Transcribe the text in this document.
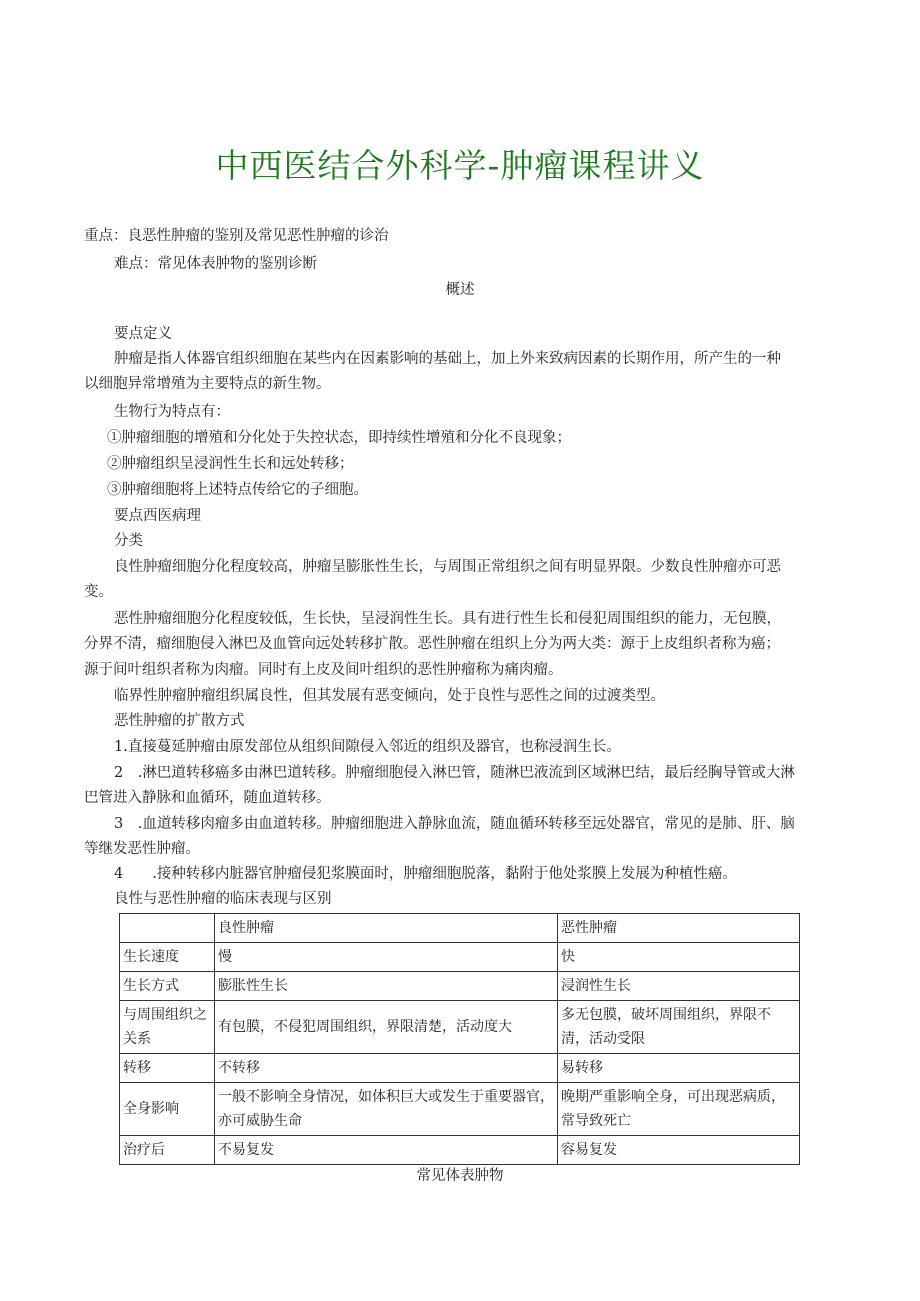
中西医结合外科学-肿瘤课程讲义
重点：良恶性肿瘤的鉴别及常见恶性肿瘤的诊治
难点：常见体表肿物的鉴别诊断
概述
要点定义
肿瘤是指人体器官组织细胞在某些内在因素影响的基础上，加上外来致病因素的长期作用，所产生的一种
以细胞异常增殖为主要特点的新生物。
生物行为特点有：
①肿瘤细胞的增殖和分化处于失控状态，即持续性增殖和分化不良现象；
②肿瘤组织呈浸润性生长和远处转移；
③肿瘤细胞将上述特点传给它的子细胞。
要点西医病理
分类
良性肿瘤细胞分化程度较高，肿瘤呈膨胀性生长，与周围正常组织之间有明显界限。少数良性肿瘤亦可恶
变。
恶性肿瘤细胞分化程度较低，生长快，呈浸润性生长。具有进行性生长和侵犯周围组织的能力，无包膜，
分界不清，瘤细胞侵入淋巴及血管向远处转移扩散。恶性肿瘤在组织上分为两大类：源于上皮组织者称为癌；
源于间叶组织者称为肉瘤。同时有上皮及间叶组织的恶性肿瘤称为痛肉瘤。
临界性肿瘤肿瘤组织属良性，但其发展有恶变倾向，处于良性与恶性之间的过渡类型。
恶性肿瘤的扩散方式
1.直接蔓延肿瘤由原发部位从组织间隙侵入邻近的组织及器官，也称浸润生长。
2　.淋巴道转移癌多由淋巴道转移。肿瘤细胞侵入淋巴管，随淋巴液流到区域淋巴结，最后经胸导管或大淋
巴管进入静脉和血循环，随血道转移。
3　.血道转移肉瘤多由血道转移。肿瘤细胞进入静脉血流，随血循环转移至远处器官，常见的是肺、肝、脑
等继发恶性肿瘤。
4　　.接种转移内脏器官肿瘤侵犯浆膜面时，肿瘤细胞脱落，黏附于他处浆膜上发展为种植性癌。
良性与恶性肿瘤的临床表现与区别
	良性肿瘤	恶性肿瘤
生长速度	慢	快
生长方式	膨胀性生长	浸润性生长
与周围组织之关系	有包膜，不侵犯周围组织，界限清楚，活动度大	多无包膜，破坏周围组织，界限不清，活动受限
转移	不转移	易转移
全身影响	一般不影响全身情况，如体积巨大或发生于重要器官，亦可威胁生命	晚期严重影响全身，可出现恶病质，常导致死亡
治疗后	不易复发	容易复发
常见体表肿物
